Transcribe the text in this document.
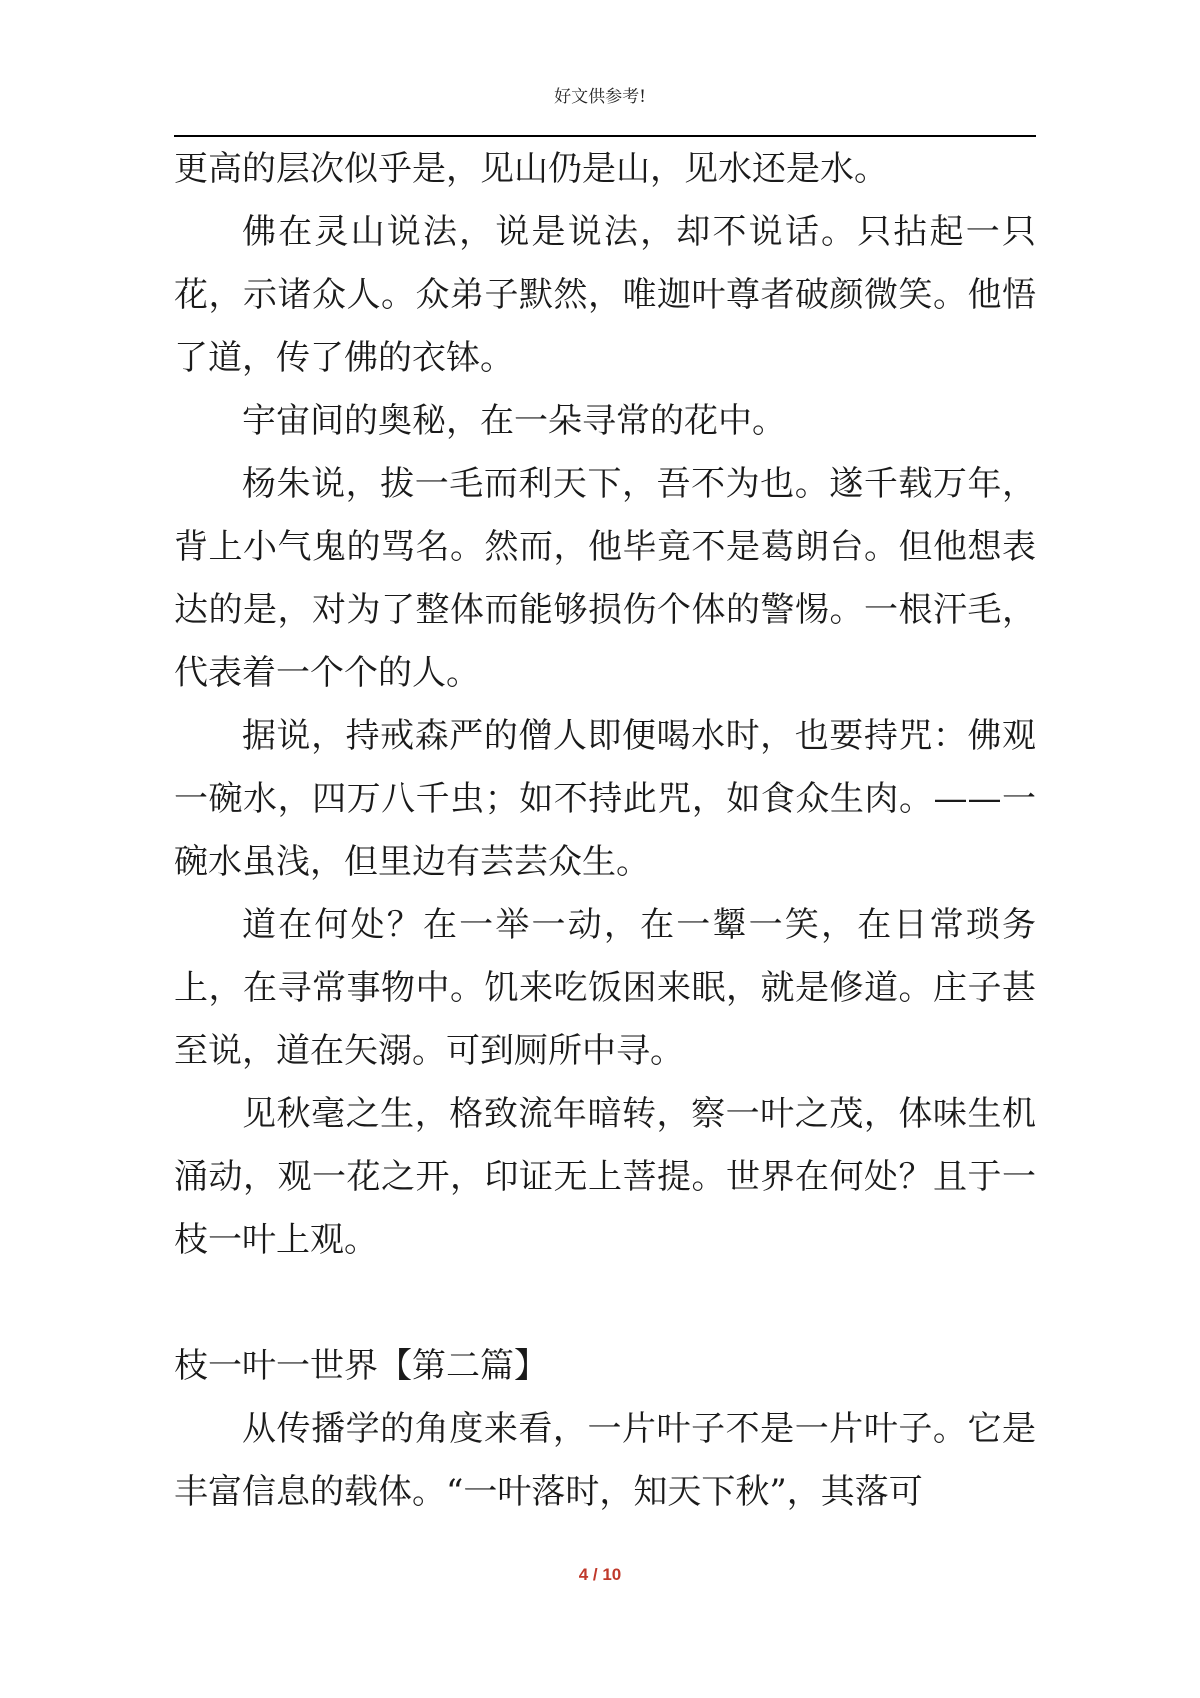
好文供参考!

更高的层次似乎是，见山仍是山，见水还是水。

佛在灵山说法，说是说法，却不说话。只拈起一只花，示诸众人。众弟子默然，唯迦叶尊者破颜微笑。他悟了道，传了佛的衣钵。

宇宙间的奥秘，在一朵寻常的花中。

杨朱说，拔一毛而利天下，吾不为也。遂千载万年，背上小气鬼的骂名。然而，他毕竟不是葛朗台。但他想表达的是，对为了整体而能够损伤个体的警惕。一根汗毛，代表着一个个的人。

据说，持戒森严的僧人即便喝水时，也要持咒：佛观一碗水，四万八千虫；如不持此咒，如食众生肉。——一碗水虽浅，但里边有芸芸众生。

道在何处？在一举一动，在一颦一笑，在日常琐务上，在寻常事物中。饥来吃饭困来眠，就是修道。庄子甚至说，道在矢溺。可到厕所中寻。

见秋毫之生，格致流年暗转，察一叶之茂，体味生机涌动，观一花之开，印证无上菩提。世界在何处？且于一枝一叶上观。

枝一叶一世界【第二篇】

从传播学的角度来看，一片叶子不是一片叶子。它是丰富信息的载体。“一叶落时，知天下秋”，其落可

4 / 10
